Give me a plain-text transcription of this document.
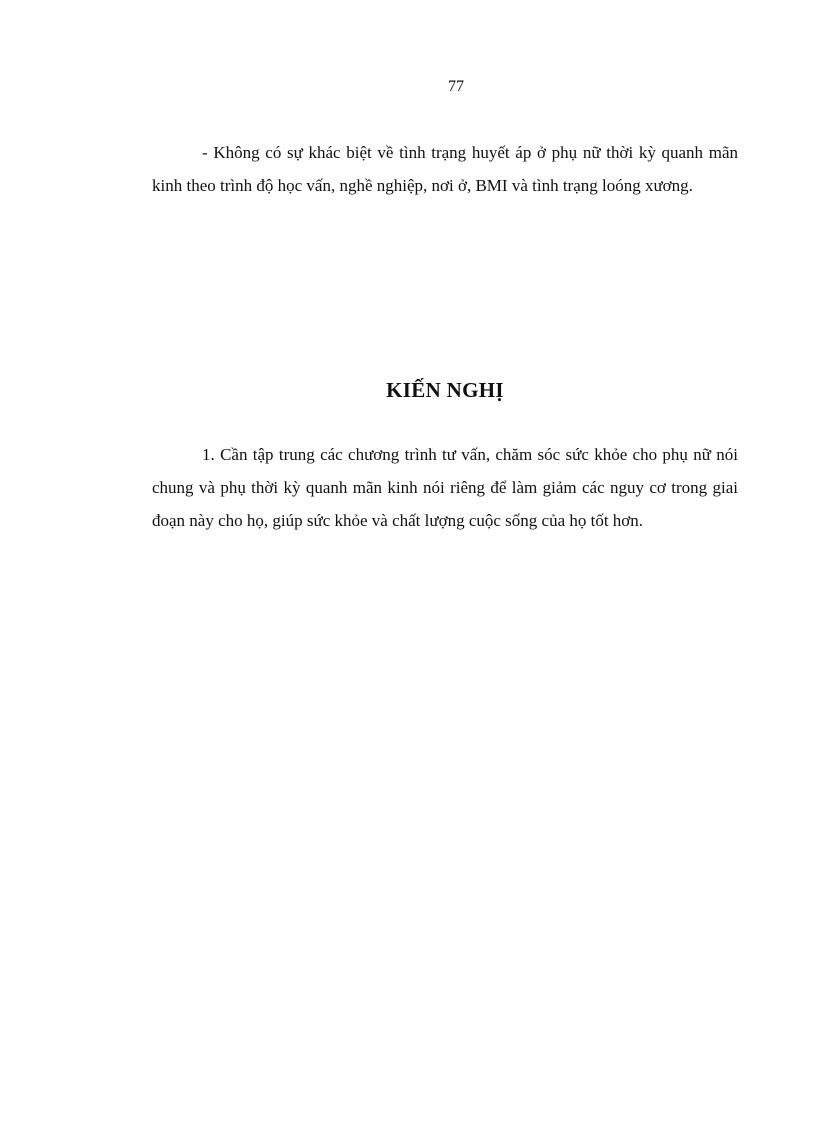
77

- Không có sự khác biệt về tình trạng huyết áp ở phụ nữ thời kỳ quanh mãn kinh theo trình độ học vấn, nghề nghiệp, nơi ở, BMI và tình trạng loóng xương.

KIẾN NGHỊ

1. Cần tập trung các chương trình tư vấn, chăm sóc sức khỏe cho phụ nữ nói chung và phụ thời kỳ quanh mãn kinh nói riêng để làm giảm các nguy cơ trong giai đoạn này cho họ, giúp sức khỏe và chất lượng cuộc sống của họ tốt hơn.
